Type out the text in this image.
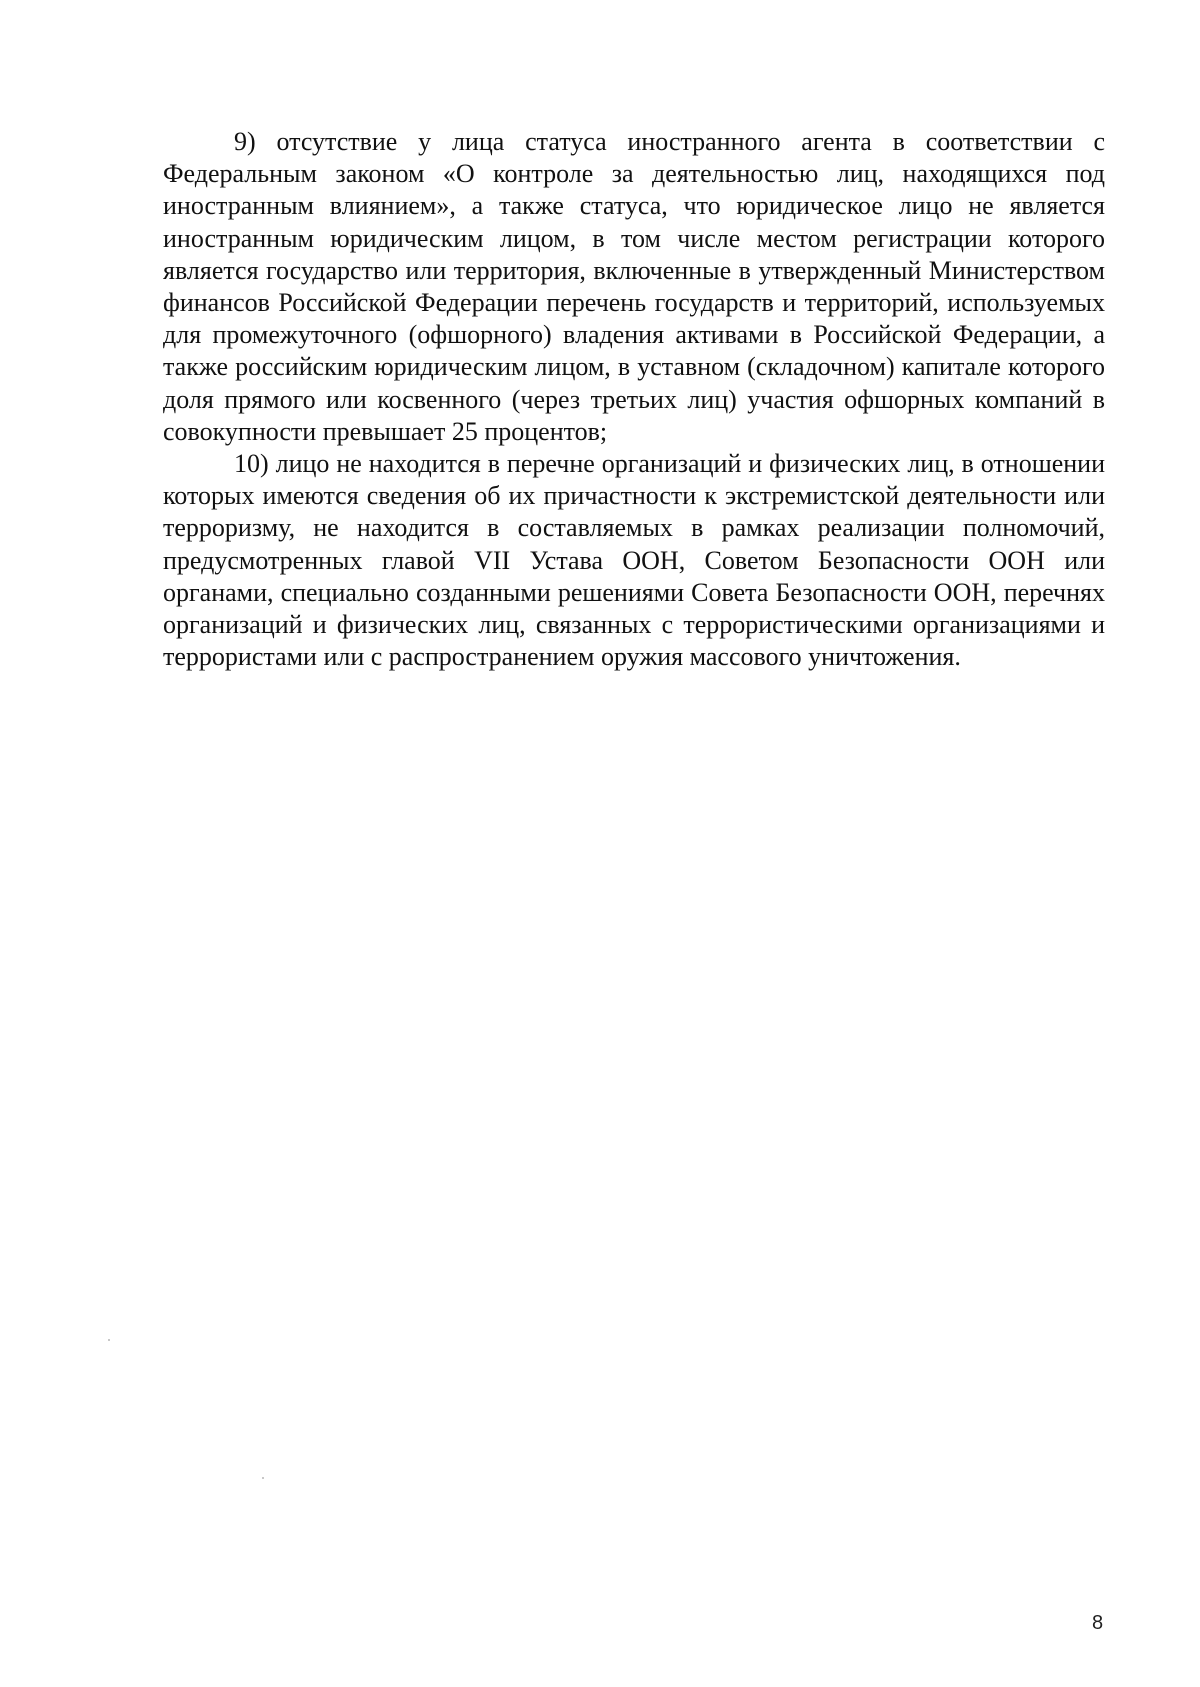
9) отсутствие у лица статуса иностранного агента в соответствии с Федеральным законом «О контроле за деятельностью лиц, находящихся под иностранным влиянием», а также статуса, что юридическое лицо не является иностранным юридическим лицом, в том числе местом регистрации которого является государство или территория, включенные в утвержденный Министерством финансов Российской Федерации перечень государств и территорий, используемых для промежуточного (офшорного) владения активами в Российской Федерации, а также российским юридическим лицом, в уставном (складочном) капитале которого доля прямого или косвенного (через третьих лиц) участия офшорных компаний в совокупности превышает 25 процентов;

10) лицо не находится в перечне организаций и физических лиц, в отношении которых имеются сведения об их причастности к экстремистской деятельности или терроризму, не находится в составляемых в рамках реализации полномочий, предусмотренных главой VII Устава ООН, Советом Безопасности ООН или органами, специально созданными решениями Совета Безопасности ООН, перечнях организаций и физических лиц, связанных с террористическими организациями и террористами или с распространением оружия массового уничтожения.

8
